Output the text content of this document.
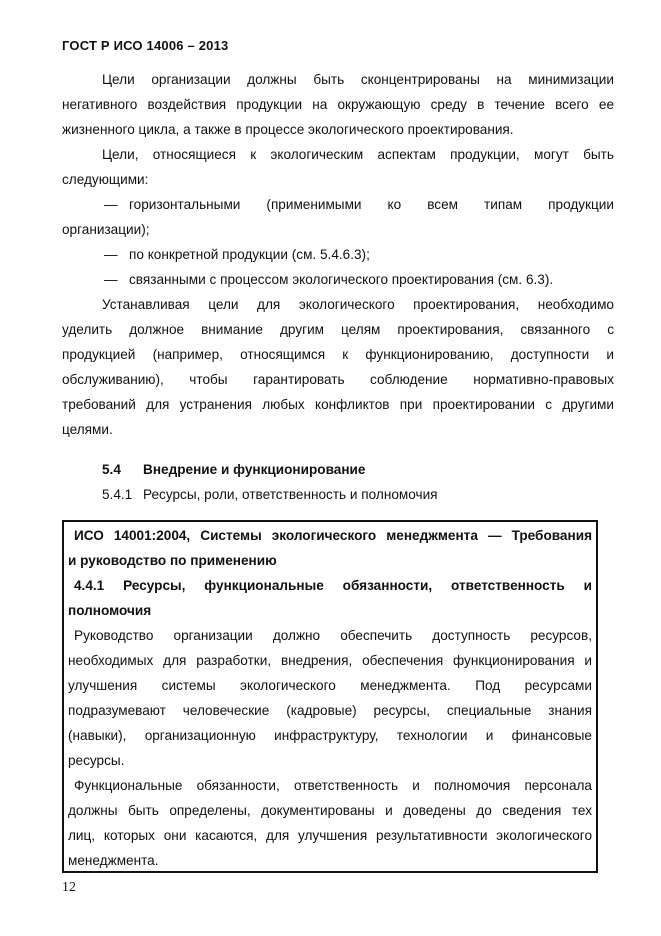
ГОСТ Р ИСО 14006 – 2013
Цели организации должны быть сконцентрированы на минимизации
негативного воздействия продукции на окружающую среду в течение всего ее
жизненного цикла, а также в процессе экологического проектирования.
Цели, относящиеся к экологическим аспектам продукции, могут быть
следующими:
— горизонтальными (применимыми ко всем типам продукции
организации);
— по конкретной продукции (см. 5.4.6.3);
— связанными с процессом экологического проектирования (см. 6.3).
Устанавливая цели для экологического проектирования, необходимо
уделить должное внимание другим целям проектирования, связанного с
продукцией (например, относящимся к функционированию, доступности и
обслуживанию), чтобы гарантировать соблюдение нормативно-правовых
требований для устранения любых конфликтов при проектировании с другими
целями.
5.4 Внедрение и функционирование
5.4.1 Ресурсы, роли, ответственность и полномочия
ИСО 14001:2004, Системы экологического менеджмента — Требования
и руководство по применению
4.4.1 Ресурсы, функциональные обязанности, ответственность и
полномочия
Руководство организации должно обеспечить доступность ресурсов,
необходимых для разработки, внедрения, обеспечения функционирования и
улучшения системы экологического менеджмента. Под ресурсами
подразумевают человеческие (кадровые) ресурсы, специальные знания
(навыки), организационную инфраструктуру, технологии и финансовые
ресурсы.
Функциональные обязанности, ответственность и полномочия персонала
должны быть определены, документированы и доведены до сведения тех
лиц, которых они касаются, для улучшения результативности экологического
менеджмента.
12
